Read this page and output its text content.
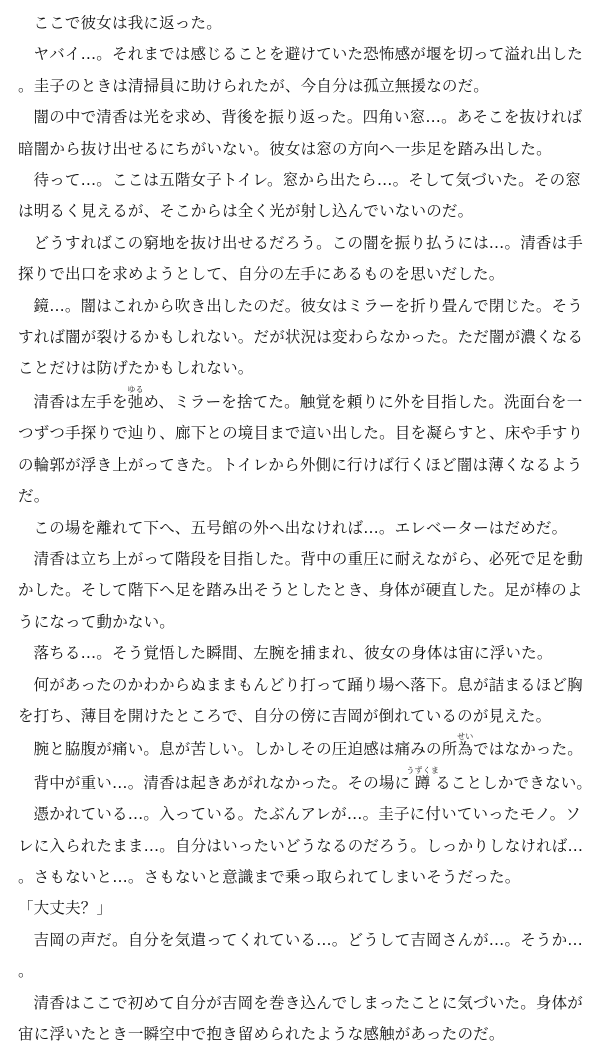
ここで彼女は我に返った。

ヤバイ…。それまでは感じることを避けていた恐怖感が堰を切って溢れ出した。圭子のときは清掃員に助けられたが、今自分は孤立無援なのだ。

闇の中で清香は光を求め、背後を振り返った。四角い窓…。あそこを抜ければ暗闇から抜け出せるにちがいない。彼女は窓の方向へ一歩足を踏み出した。

待って…。ここは五階女子トイレ。窓から出たら…。そして気づいた。その窓は明るく見えるが、そこからは全く光が射し込んでいないのだ。

どうすればこの窮地を抜け出せるだろう。この闇を振り払うには…。清香は手探りで出口を求めようとして、自分の左手にあるものを思いだした。

鏡…。闇はこれから吹き出したのだ。彼女はミラーを折り畳んで閉じた。そうすれば闇が裂けるかもしれない。だが状況は変わらなかった。ただ闇が濃くなることだけは防げたかもしれない。

清香は左手を弛ゆるめ、ミラーを捨てた。触覚を頼りに外を目指した。洗面台を一つずつ手探りで辿り、廊下との境目まで這い出した。目を凝らすと、床や手すりの輪郭が浮き上がってきた。トイレから外側に行けば行くほど闇は薄くなるようだ。

この場を離れて下へ、五号館の外へ出なければ…。エレベーターはだめだ。

清香は立ち上がって階段を目指した。背中の重圧に耐えながら、必死で足を動かした。そして階下へ足を踏み出そうとしたとき、身体が硬直した。足が棒のようになって動かない。

落ちる…。そう覚悟した瞬間、左腕を捕まれ、彼女の身体は宙に浮いた。

何があったのかわからぬままもんどり打って踊り場へ落下。息が詰まるほど胸を打ち、薄目を開けたところで、自分の傍に吉岡が倒れているのが見えた。

腕と脇腹が痛い。息が苦しい。しかしその圧迫感は痛みの所為せいではなかった。

背中が重い…。清香は起きあがれなかった。その場に蹲うずくまることしかできない。

憑かれている…。入っている。たぶんアレが…。圭子に付いていったモノ。ソレに入られたまま…。自分はいったいどうなるのだろう。しっかりしなければ…。さもないと…。さもないと意識まで乗っ取られてしまいそうだった。

「大丈夫？」

吉岡の声だ。自分を気遣ってくれている…。どうして吉岡さんが…。そうか…。

清香はここで初めて自分が吉岡を巻き込んでしまったことに気づいた。身体が宙に浮いたとき一瞬空中で抱き留められたような感触があったのだ。
